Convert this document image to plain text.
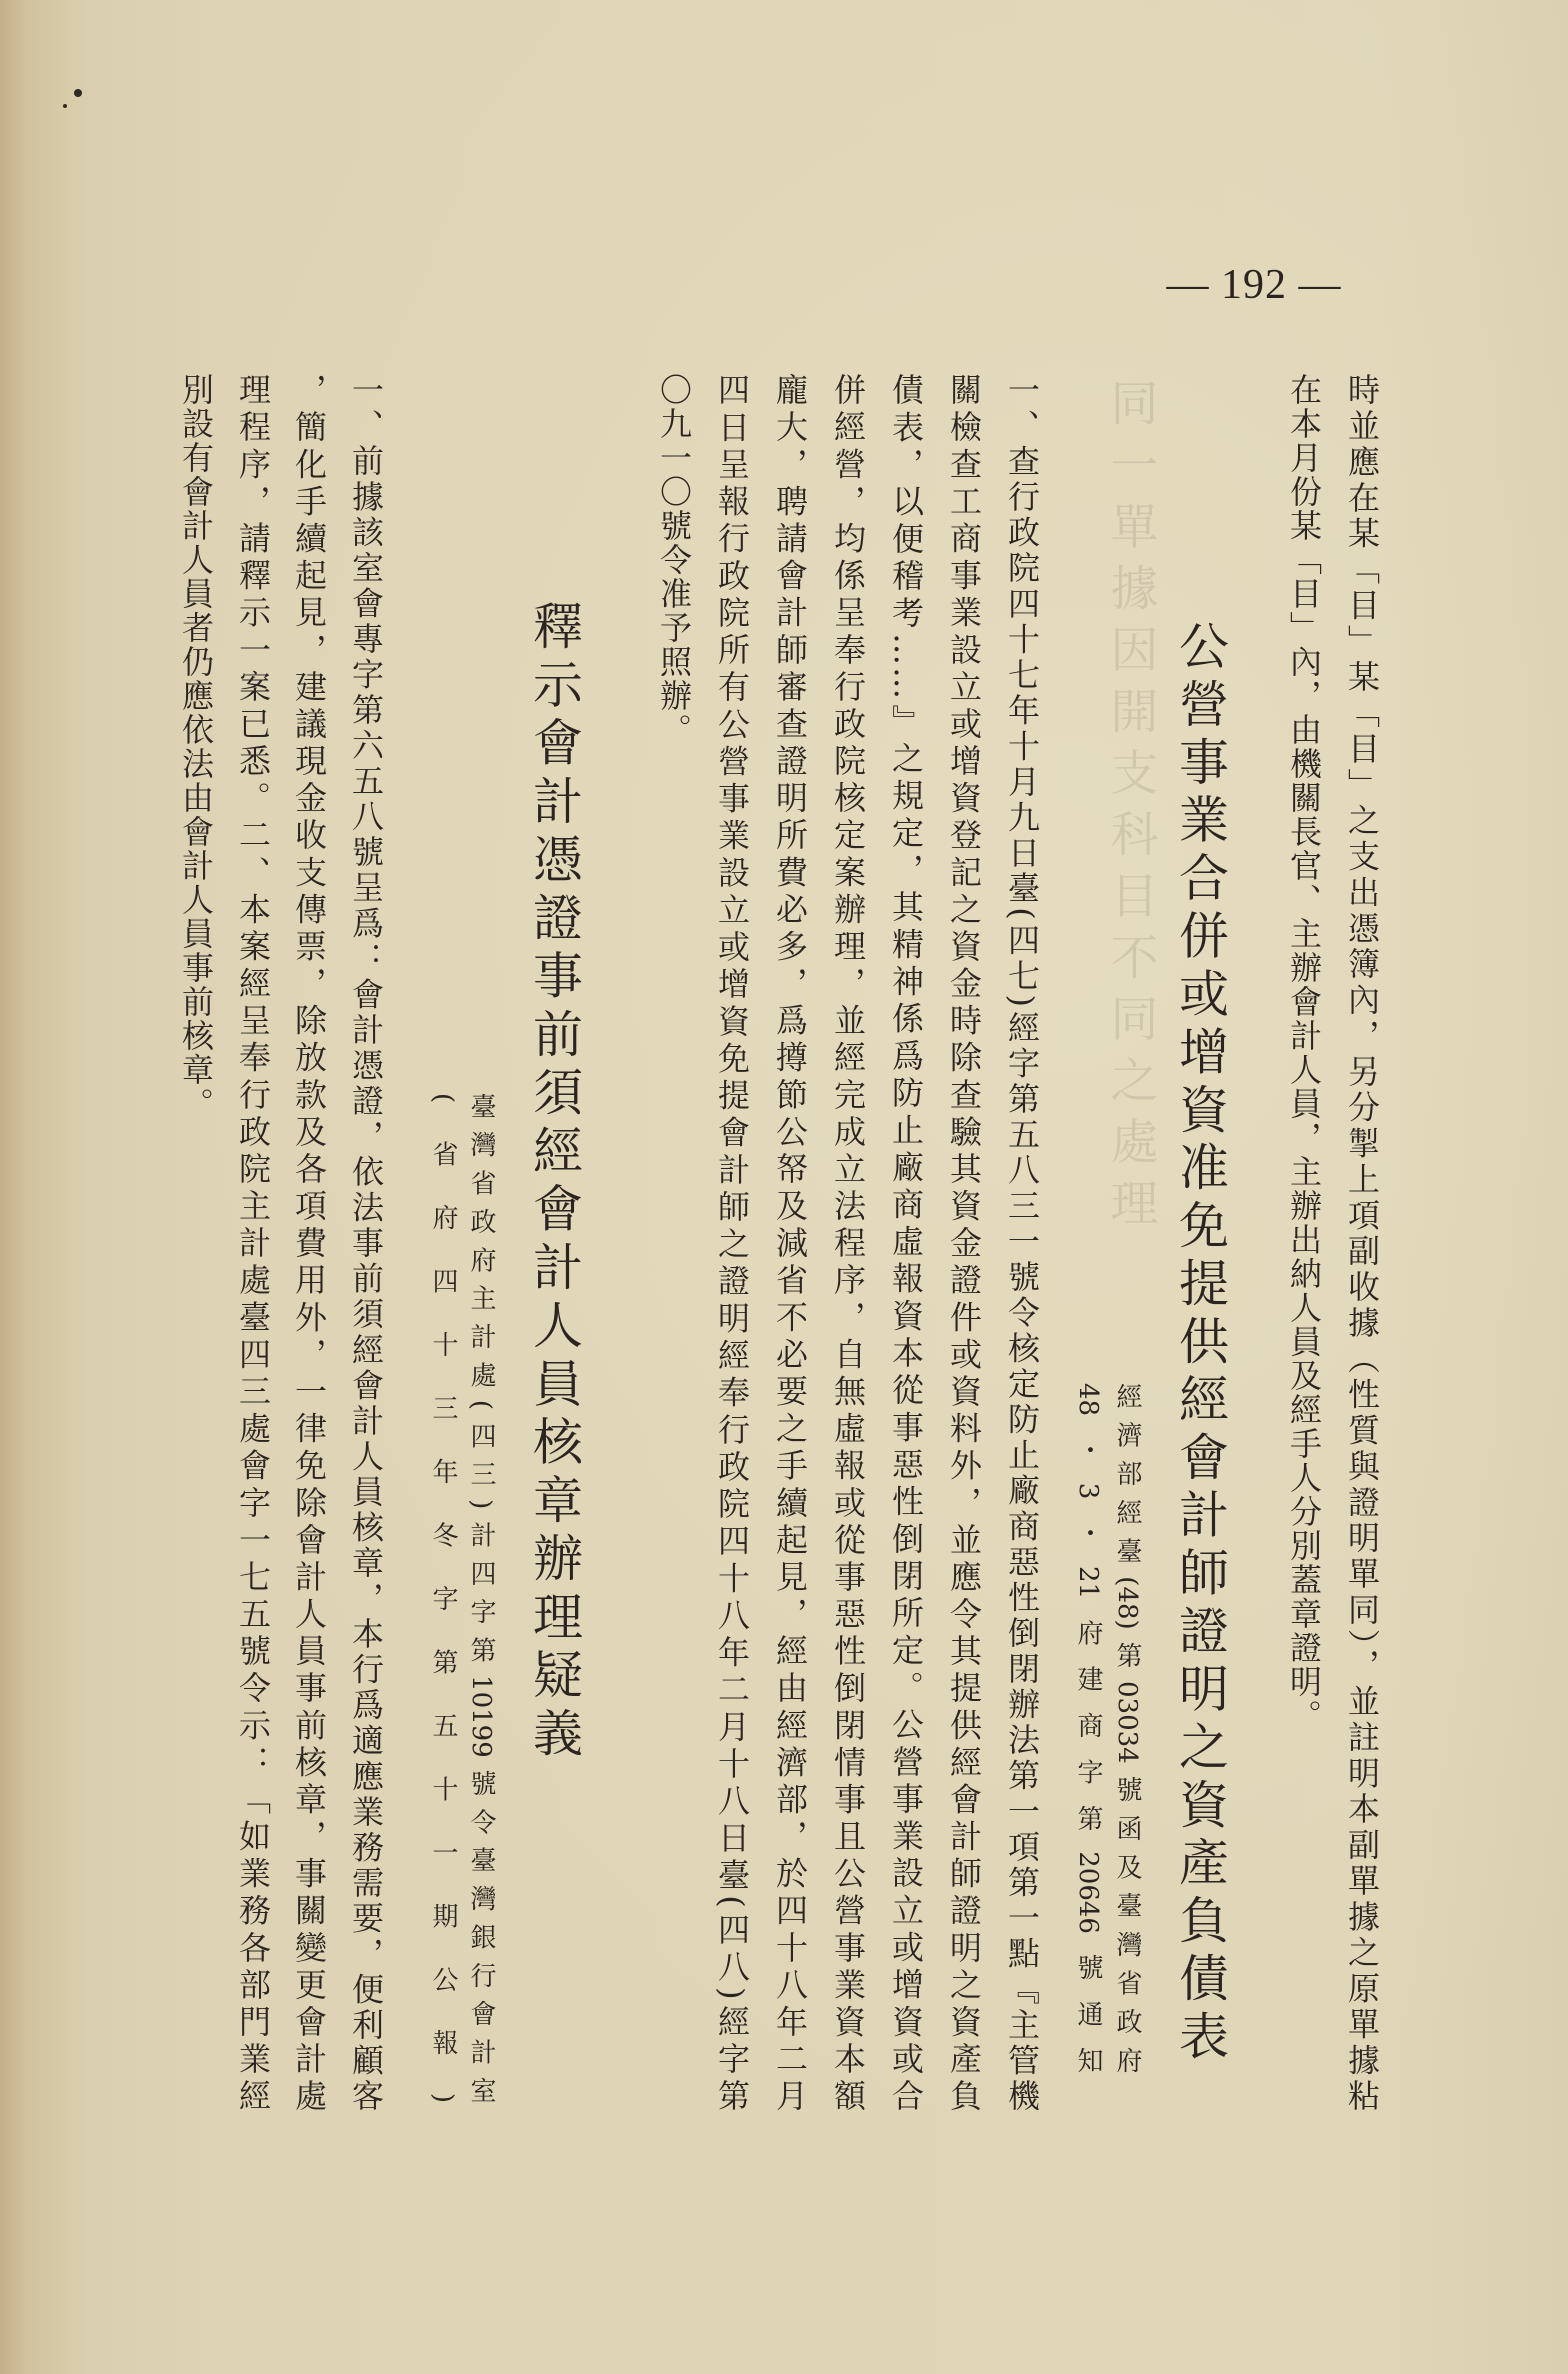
— 192 —
同一單據因開支科目不同之處理	時並應在某「目」某「目」之支出憑簿內，另分掣上項副收據（性質與證明單同），並註明本副單據之原單據粘
在本月份某「目」內，由機關長官、主辦會計人員，主辦出納人員及經手人分別蓋章證明。
公營事業合併或增資准免提供經會計師證明之資產負債表
經濟部經臺(48)第03034號函及臺灣省政府
48・3・21府建商字第20646號通知
一、查行政院四十七年十月九日臺(四七)經字第五八三一號令核定防止廠商惡性倒閉辦法第一項第一點『主管機
關檢查工商事業設立或增資登記之資金時除查驗其資金證件或資料外，並應令其提供經會計師證明之資產負
債表，以便稽考……』之規定，其精神係爲防止廠商虛報資本從事惡性倒閉所定。公營事業設立或增資或合
併經營，均係呈奉行政院核定案辦理，並經完成立法程序，自無虛報或從事惡性倒閉情事且公營事業資本額
龐大，聘請會計師審查證明所費必多，爲撙節公帑及減省不必要之手續起見，經由經濟部，於四十八年二月
四日呈報行政院所有公營事業設立或增資免提會計師之證明經奉行政院四十八年二月十八日臺(四八)經字第
〇九一〇號令准予照辦。
釋示會計憑證事前須經會計人員核章辦理疑義
臺灣省政府主計處(四三)計四字第10199號令臺灣銀行會計室
(省府四十三年冬字第五十一期公報)
一、前據該室會專字第六五八號呈爲：會計憑證，依法事前須經會計人員核章，本行爲適應業務需要，便利顧客
，簡化手續起見，建議現金收支傳票，除放款及各項費用外，一律免除會計人員事前核章，事關變更會計處
理程序，請釋示一案已悉。二、本案經呈奉行政院主計處臺四三處會字一七五號令示：「如業務各部門業經
別設有會計人員者仍應依法由會計人員事前核章。
